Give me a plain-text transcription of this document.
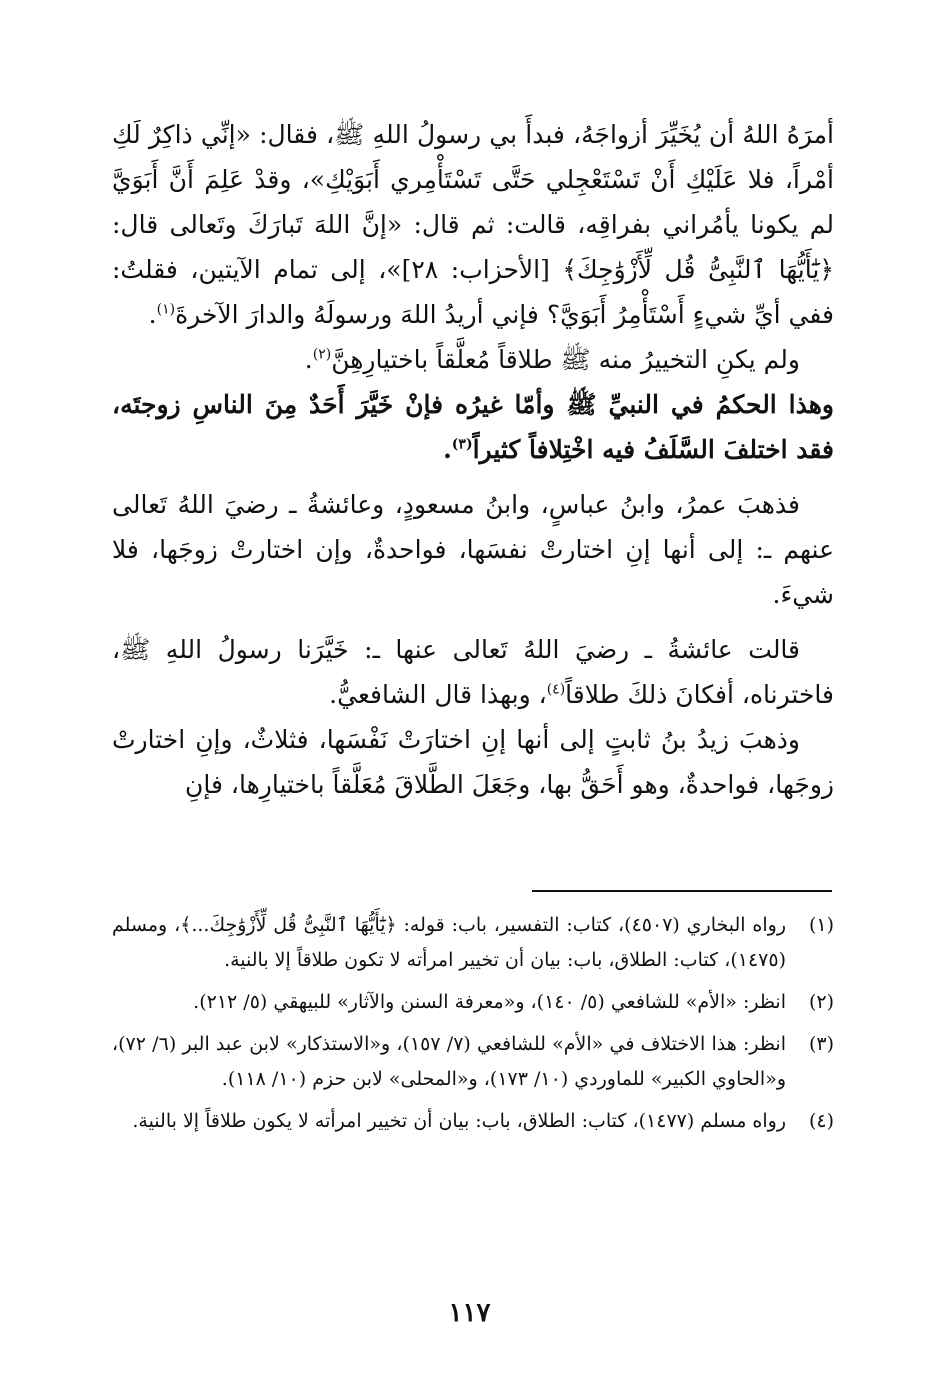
أمرَهُ اللهُ أن يُخَيِّرَ أزواجَهُ، فبدأَ بي رسولُ اللهِ ﷺ، فقال: «إنِّي ذاكِرٌ لَكِ أمْراً، فلا عَلَيْكِ أَنْ تَسْتَعْجِلي حَتَّى تَسْتَأْمِري أَبَوَيْكِ»، وقدْ عَلِمَ أَنَّ أَبَوَيَّ لم يكونا يأمُراني بفراقِه، قالت: ثم قال: «إنَّ اللهَ تَبارَكَ وتَعالى قال: ﴿يَٰٓأَيُّهَا ٱلنَّبِىُّ قُل لِّأَزْوَٰجِكَ﴾ [الأحزاب: ٢٨]»، إلى تمام الآيتين، فقلتُ: ففي أيِّ شيءٍ أَسْتَأْمِرُ أَبَوَيَّ؟ فإني أريدُ اللهَ ورسولَهُ والدارَ الآخرةَ$^{(١)}$.

ولم يكنِ التخييرُ منه ﷺ طلاقاً مُعلَّقاً باختيارِهِنَّ$^{(٢)}$.

وهذا الحكمُ في النبيِّ ﷺ وأمّا غيرُه فإنْ خَيَّرَ أَحَدٌ مِنَ الناسِ زوجتَه، فقد اختلفَ السَّلَفُ فيه اخْتِلافاً كثيراً$^{(٣)}$.

فذهبَ عمرُ، وابنُ عباسٍ، وابنُ مسعودٍ، وعائشةُ ـ رضيَ اللهُ تَعالى عنهم ـ: إلى أنها إنِ اختارتْ نفسَها، فواحدةٌ، وإن اختارتْ زوجَها، فلا شيءَ.

قالت عائشةُ ـ رضيَ اللهُ تَعالى عنها ـ: خَيَّرَنا رسولُ اللهِ ﷺ، فاخترناه، أفكانَ ذلكَ طلاقاً$^{(٤)}$، وبهذا قال الشافعيُّ.

وذهبَ زيدُ بنُ ثابتٍ إلى أنها إنِ اختارَتْ نَفْسَها، فثلاثٌ، وإنِ اختارتْ زوجَها، فواحدةٌ، وهو أَحَقُّ بها، وجَعَلَ الطَّلاقَ مُعَلَّقاً باختيارِها، فإنِ

(١)
رواه البخاري (٤٥٠٧)، كتاب: التفسير، باب: قوله: ﴿يَٰٓأَيُّهَا ٱلنَّبِىُّ قُل لِّأَزْوَٰجِكَ...﴾، ومسلم (١٤٧٥)، كتاب: الطلاق، باب: بيان أن تخيير امرأته لا تكون طلاقاً إلا بالنية.
(٢)
انظر: «الأم» للشافعي (٥/ ١٤٠)، و«معرفة السنن والآثار» للبيهقي (٥/ ٢١٢).
(٣)
انظر: هذا الاختلاف في «الأم» للشافعي (٧/ ١٥٧)، و«الاستذكار» لابن عبد البر (٦/ ٧٢)، و«الحاوي الكبير» للماوردي (١٠/ ١٧٣)، و«المحلى» لابن حزم (١٠/ ١١٨).
(٤)
رواه مسلم (١٤٧٧)، كتاب: الطلاق، باب: بيان أن تخيير امرأته لا يكون طلاقاً إلا بالنية.
١١٧
